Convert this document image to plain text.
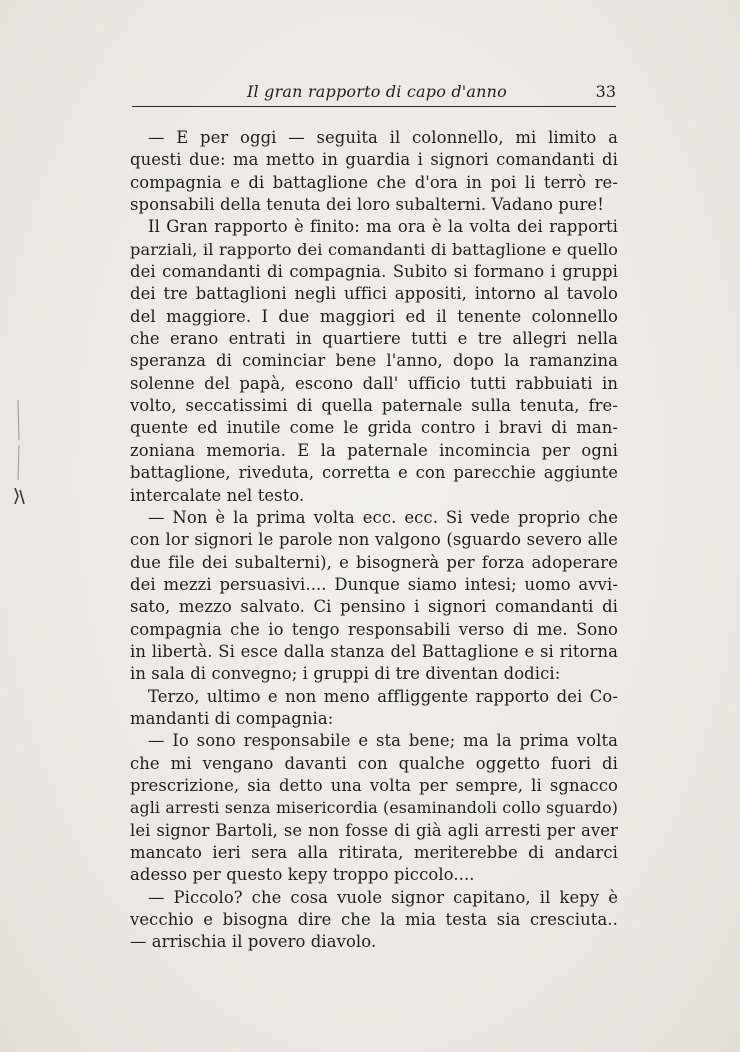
Il gran rapporto di capo d'anno	33
— E per oggi — seguita il colonnello, mi limito a
questi due: ma metto in guardia i signori comandanti di
compagnia e di battaglione che d'ora in poi li terrò re-
sponsabili della tenuta dei loro subalterni. Vadano pure!
Il Gran rapporto è finito: ma ora è la volta dei rapporti
parziali, il rapporto dei comandanti di battaglione e quello
dei comandanti di compagnia. Subito si formano i gruppi
dei tre battaglioni negli uffici appositi, intorno al tavolo
del maggiore. I due maggiori ed il tenente colonnello
che erano entrati in quartiere tutti e tre allegri nella
speranza di cominciar bene l'anno, dopo la ramanzina
solenne del papà, escono dall' ufficio tutti rabbuiati in
volto, seccatissimi di quella paternale sulla tenuta, fre-
quente ed inutile come le grida contro i bravi di man-
zoniana memoria. E la paternale incomincia per ogni
battaglione, riveduta, corretta e con parecchie aggiunte
intercalate nel testo.
— Non è la prima volta ecc. ecc. Si vede proprio che
con lor signori le parole non valgono (sguardo severo alle
due file dei subalterni), e bisognerà per forza adoperare
dei mezzi persuasivi.... Dunque siamo intesi; uomo avvi-
sato, mezzo salvato. Ci pensino i signori comandanti di
compagnia che io tengo responsabili verso di me. Sono
in libertà. Si esce dalla stanza del Battaglione e si ritorna
in sala di convegno; i gruppi di tre diventan dodici:
Terzo, ultimo e non meno affliggente rapporto dei Co-
mandanti di compagnia:
— Io sono responsabile e sta bene; ma la prima volta
che mi vengano davanti con qualche oggetto fuori di
prescrizione, sia detto una volta per sempre, li sgnacco
agli arresti senza misericordia (esaminandoli collo sguardo)
lei signor Bartoli, se non fosse di già agli arresti per aver
mancato ieri sera alla ritirata, meriterebbe di andarci
adesso per questo kepy troppo piccolo....
— Piccolo? che cosa vuole signor capitano, il kepy è
vecchio e bisogna dire che la mia testa sia cresciuta..
— arrischia il povero diavolo.
